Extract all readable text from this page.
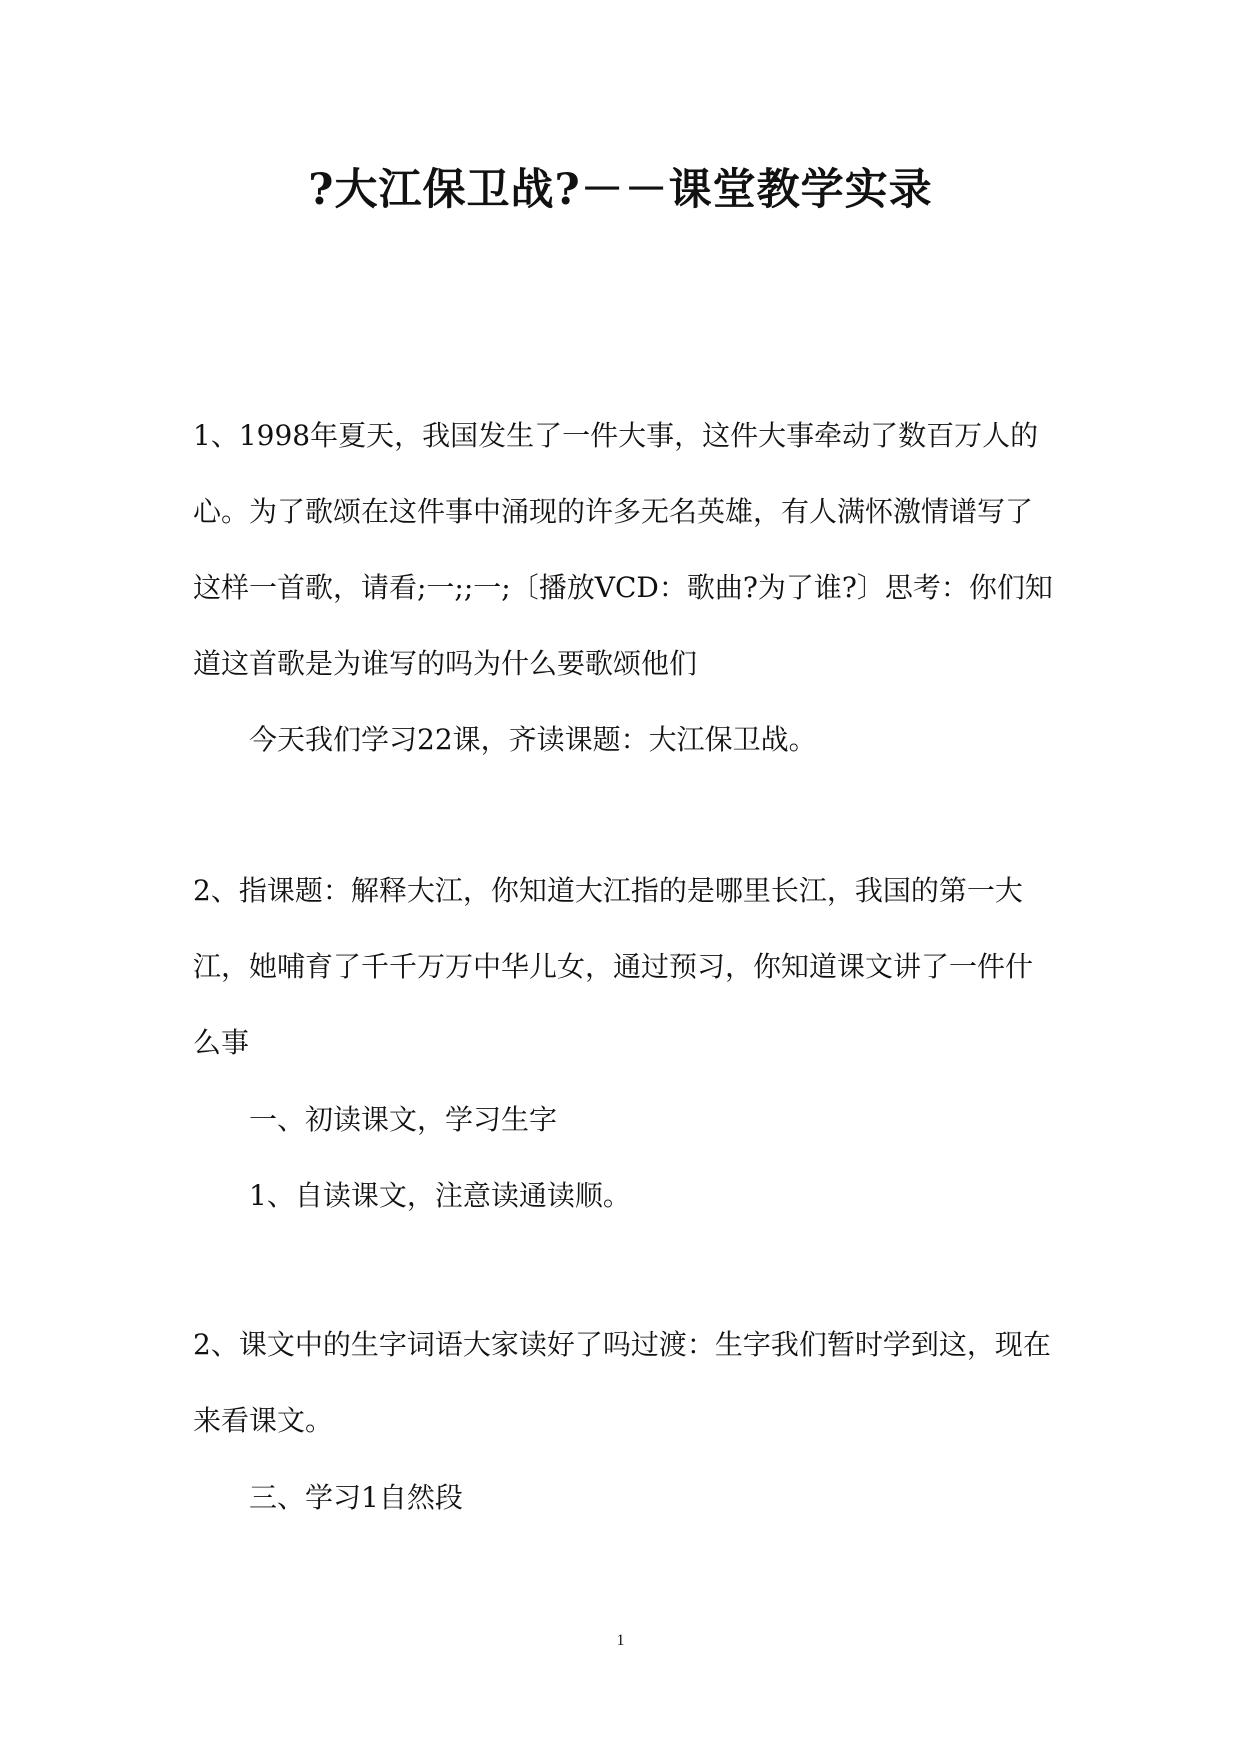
?大江保卫战?－－课堂教学实录

1、1998年夏天，我国发生了一件大事，这件大事牵动了数百万人的心。为了歌颂在这件事中涌现的许多无名英雄，有人满怀激情谱写了这样一首歌，请看;一;;一;〔播放VCD：歌曲?为了谁?〕思考：你们知道这首歌是为谁写的吗为什么要歌颂他们

今天我们学习22课，齐读课题：大江保卫战。

2、指课题：解释大江，你知道大江指的是哪里长江，我国的第一大江，她哺育了千千万万中华儿女，通过预习，你知道课文讲了一件什么事

一、初读课文，学习生字

1、自读课文，注意读通读顺。

2、课文中的生字词语大家读好了吗过渡：生字我们暂时学到这，现在来看课文。

三、学习1自然段

1
